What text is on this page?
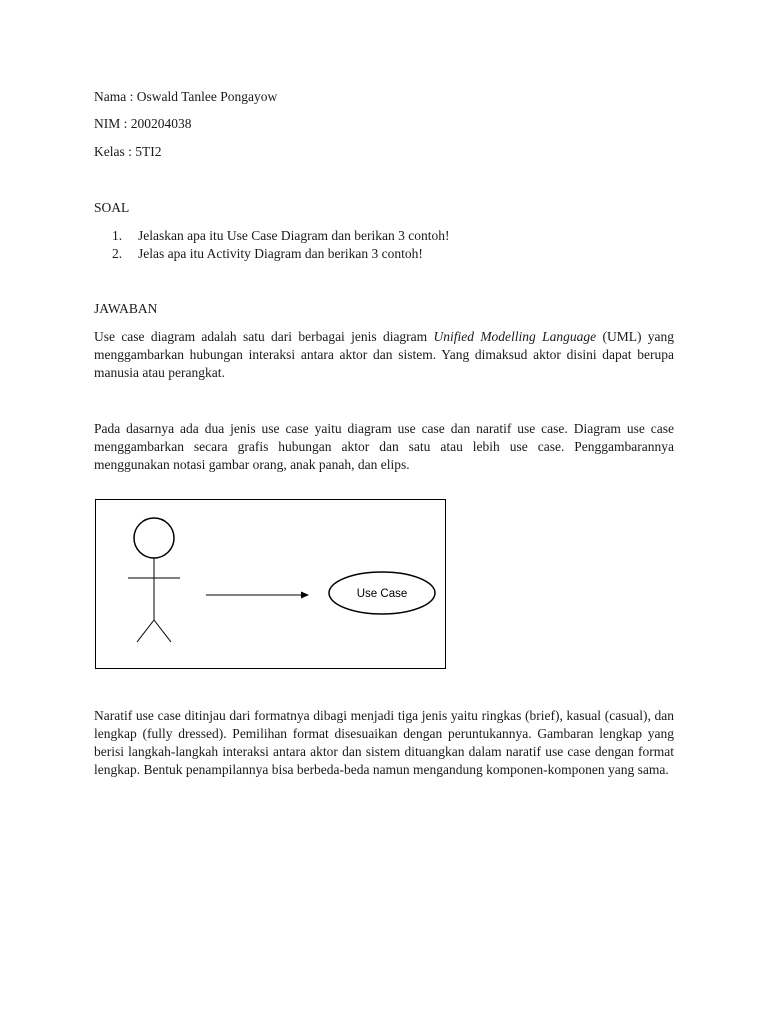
Nama : Oswald Tanlee Pongayow
NIM : 200204038
Kelas : 5TI2
SOAL
1. Jelaskan apa itu Use Case Diagram dan berikan 3 contoh!
2. Jelas apa itu Activity Diagram dan berikan 3 contoh!
JAWABAN

Use case diagram adalah satu dari berbagai jenis diagram Unified Modelling Language (UML) yang menggambarkan hubungan interaksi antara aktor dan sistem. Yang dimaksud aktor disini dapat berupa manusia atau perangkat.

Pada dasarnya ada dua jenis use case yaitu diagram use case dan naratif use case. Diagram use case menggambarkan secara grafis hubungan aktor dan satu atau lebih use case. Penggambarannya menggunakan notasi gambar orang, anak panah, dan elips.

Use Case

Naratif use case ditinjau dari formatnya dibagi menjadi tiga jenis yaitu ringkas (brief), kasual (casual), dan lengkap (fully dressed). Pemilihan format disesuaikan dengan peruntukannya. Gambaran lengkap yang berisi langkah-langkah interaksi antara aktor dan sistem dituangkan dalam naratif use case dengan format lengkap. Bentuk penampilannya bisa berbeda-beda namun mengandung komponen-komponen yang sama.
